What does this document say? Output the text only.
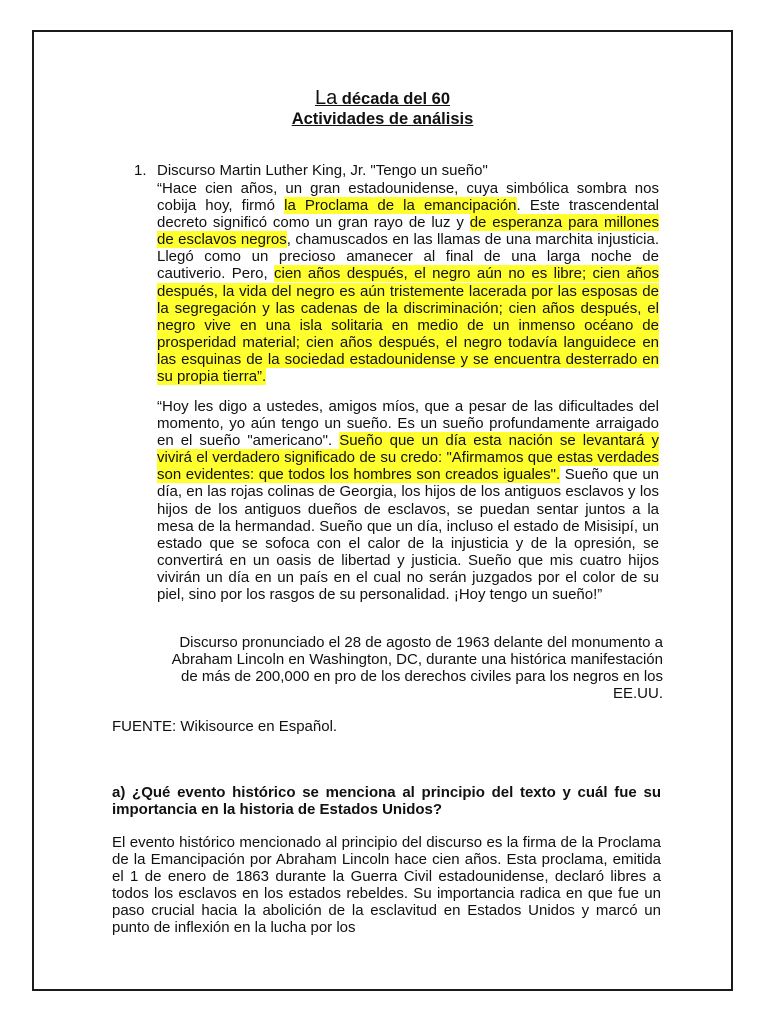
La década del 60
Actividades de análisis
1. Discurso Martin Luther King, Jr. "Tengo un sueño"
“Hace cien años, un gran estadounidense, cuya simbólica sombra nos cobija hoy, firmó la Proclama de la emancipación. Este trascendental decreto significó como un gran rayo de luz y de esperanza para millones de esclavos negros, chamuscados en las llamas de una marchita injusticia. Llegó como un precioso amanecer al final de una larga noche de cautiverio. Pero, cien años después, el negro aún no es libre; cien años después, la vida del negro es aún tristemente lacerada por las esposas de la segregación y las cadenas de la discriminación; cien años después, el negro vive en una isla solitaria en medio de un inmenso océano de prosperidad material; cien años después, el negro todavía languidece en las esquinas de la sociedad estadounidense y se encuentra desterrado en su propia tierra”.
“Hoy les digo a ustedes, amigos míos, que a pesar de las dificultades del momento, yo aún tengo un sueño. Es un sueño profundamente arraigado en el sueño "americano". Sueño que un día esta nación se levantará y vivirá el verdadero significado de su credo: "Afirmamos que estas verdades son evidentes: que todos los hombres son creados iguales". Sueño que un día, en las rojas colinas de Georgia, los hijos de los antiguos esclavos y los hijos de los antiguos dueños de esclavos, se puedan sentar juntos a la mesa de la hermandad. Sueño que un día, incluso el estado de Misisipí, un estado que se sofoca con el calor de la injusticia y de la opresión, se convertirá en un oasis de libertad y justicia. Sueño que mis cuatro hijos vivirán un día en un país en el cual no serán juzgados por el color de su piel, sino por los rasgos de su personalidad. ¡Hoy tengo un sueño!”
Discurso pronunciado el 28 de agosto de 1963 delante del monumento a Abraham Lincoln en Washington, DC, durante una histórica manifestación de más de 200,000 en pro de los derechos civiles para los negros en los EE.UU.
FUENTE: Wikisource en Español.
a) ¿Qué evento histórico se menciona al principio del texto y cuál fue su importancia en la historia de Estados Unidos?
El evento histórico mencionado al principio del discurso es la firma de la Proclama de la Emancipación por Abraham Lincoln hace cien años. Esta proclama, emitida el 1 de enero de 1863 durante la Guerra Civil estadounidense, declaró libres a todos los esclavos en los estados rebeldes. Su importancia radica en que fue un paso crucial hacia la abolición de la esclavitud en Estados Unidos y marcó un punto de inflexión en la lucha por los
